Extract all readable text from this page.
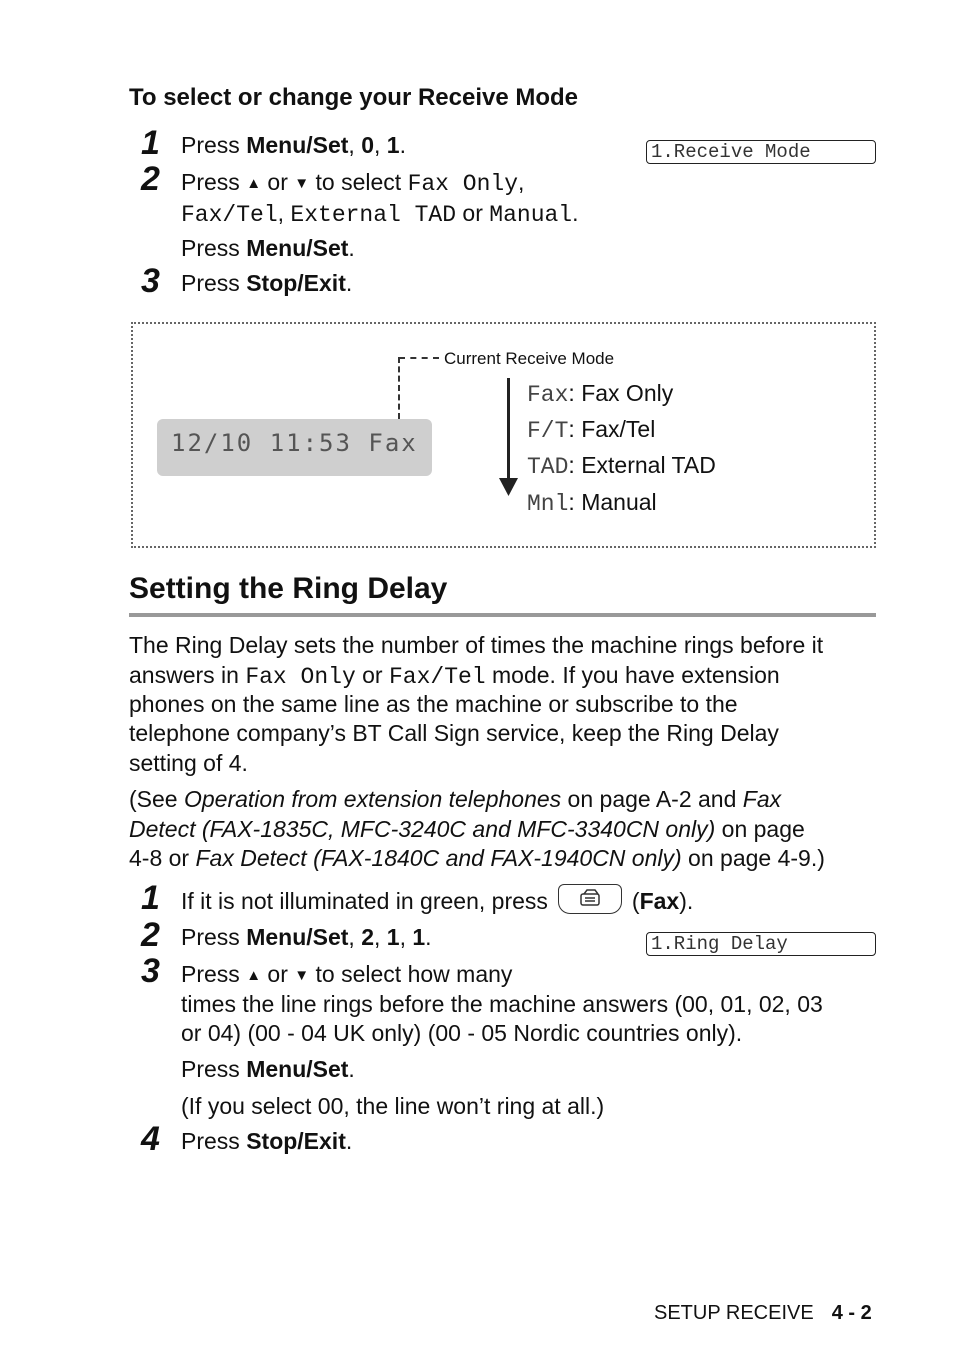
To select or change your Receive Mode
1.Receive Mode
1 Press Menu/Set, 0, 1.
2 Press ▲ or ▼ to select Fax Only,
Fax/Tel, External TAD or Manual.
Press Menu/Set.
3 Press Stop/Exit.
Current Receive Mode
12/10 11:53 Fax
Fax: Fax Only
F/T: Fax/Tel
TAD: External TAD
Mnl: Manual
Setting the Ring Delay
The Ring Delay sets the number of times the machine rings before it
answers in Fax Only or Fax/Tel mode. If you have extension
phones on the same line as the machine or subscribe to the
telephone company’s BT Call Sign service, keep the Ring Delay
setting of 4.
(See Operation from extension telephones on page A-2 and Fax
Detect (FAX-1835C, MFC-3240C and MFC-3340CN only) on page
4-8 or Fax Detect (FAX-1840C and FAX-1940CN only) on page 4-9.)
1.Ring Delay
1 If it is not illuminated in green, press	(Fax).
2 Press Menu/Set, 2, 1, 1.
3 Press ▲ or ▼ to select how many
times the line rings before the machine answers (00, 01, 02, 03
or 04) (00 - 04 UK only) (00 - 05 Nordic countries only).
Press Menu/Set.
(If you select 00, the line won’t ring at all.)
4 Press Stop/Exit.
SETUP RECEIVE 4 - 2
